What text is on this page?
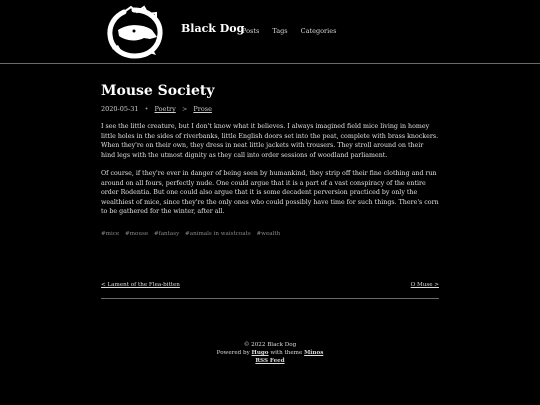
Black Dog
Posts Tags Categories
Mouse Society
2020-05-31 • Poetry > Prose
I see the little creature, but I don't know what it believes. I always imagined field mice living in homey little holes in the sides of riverbanks, little English doors set into the peat, complete with brass knockers. When they're on their own, they dress in neat little jackets with trousers. They stroll around on their hind legs with the utmost dignity as they call into order sessions of woodland parliament.
Of course, if they're ever in danger of being seen by humankind, they strip off their fine clothing and run around on all fours, perfectly nude. One could argue that it is a part of a vast conspiracy of the entire order Rodentia. But one could also argue that it is some decadent perversion practiced by only the wealthiest of mice, since they're the only ones who could possibly have time for such things. There's corn to be gathered for the winter, after all.
#mice #mouse #fantasy #animals in waistcoats #wealth
< Lament of the Flea-bitten	O Muse >
© 2022 Black Dog
Powered by Hugo with theme Minos
RSS Feed
